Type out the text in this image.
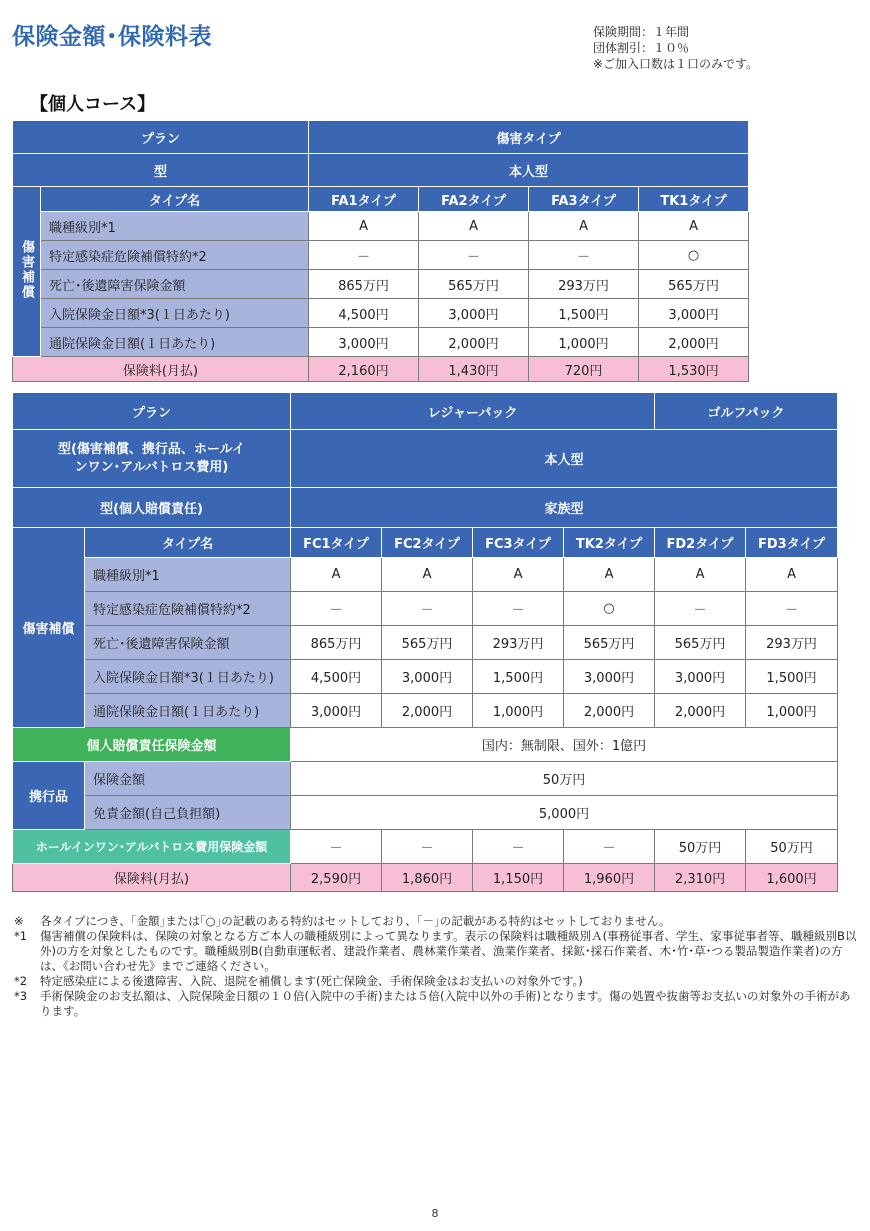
保険金額･保険料表	保険期間：１年間
団体割引：１０％
※ご加入口数は１口のみです。
【個人コース】
プラン		傷害タイプ			
型		本人型			
傷害補償	タイプ名	FA1タイプ	FA2タイプ	FA3タイプ	TK1タイプ
	職種級別*1	A	A	A	A
	特定感染症危険補償特約*2	－	－	－	○
	死亡･後遺障害保険金額	865万円	565万円	293万円	565万円
	入院保険金日額*3(１日あたり)	4,500円	3,000円	1,500円	3,000円
	通院保険金日額(１日あたり)	3,000円	2,000円	1,000円	2,000円
保険料(月払)		2,160円	1,430円	720円	1,530円
プラン		レジャーパック				ゴルフパック	
型(傷害補償、携行品、ホールインワン･アルバトロス費用)		本人型					
型(個人賠償責任)		家族型					
傷害補償	タイプ名	FC1タイプ	FC2タイプ	FC3タイプ	TK2タイプ	FD2タイプ	FD3タイプ
	職種級別*1	A	A	A	A	A	A
	特定感染症危険補償特約*2	－	－	－	○	－	－
	死亡･後遺障害保険金額	865万円	565万円	293万円	565万円	565万円	293万円
	入院保険金日額*3(１日あたり)	4,500円	3,000円	1,500円	3,000円	3,000円	1,500円
	通院保険金日額(１日あたり)	3,000円	2,000円	1,000円	2,000円	2,000円	1,000円
個人賠償責任保険金額		国内：無制限、国外：1億円					
携行品	保険金額	50万円					
	免責金額(自己負担額)	5,000円					
ホールインワン･アルバトロス費用保険金額		－	－	－	－	50万円	50万円
保険料(月払)		2,590円	1,860円	1,150円	1,960円	2,310円	1,600円
※	各タイプにつき、｢金額｣または｢○｣の記載のある特約はセットしており、｢－｣の記載がある特約はセットしておりません。
*1	傷害補償の保険料は、保険の対象となる方ご本人の職種級別によって異なります。表示の保険料は職種級別Ａ(事務従事者、学生、家事従事者等、職種級別B以外)の方を対象としたものです。職種級別B(自動車運転者、建設作業者、農林業作業者、漁業作業者、採鉱･採石作業者、木･竹･草･つる製品製造作業者)の方は、《お問い合わせ先》までご連絡ください。
*2	特定感染症による後遺障害、入院、退院を補償します(死亡保険金、手術保険金はお支払いの対象外です。)
*3	手術保険金のお支払額は、入院保険金日額の１０倍(入院中の手術)または５倍(入院中以外の手術)となります。傷の処置や抜歯等お支払いの対象外の手術があります。
8
